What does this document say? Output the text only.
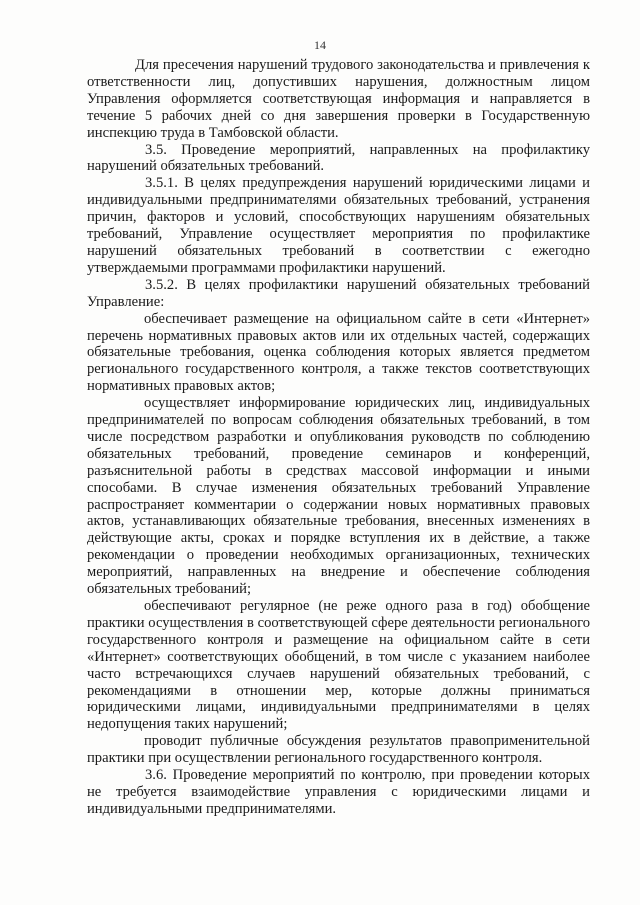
14

Для пресечения нарушений трудового законодательства и привлечения к ответственности лиц, допустивших нарушения, должностным лицом Управления оформляется соответствующая информация и направляется в течение 5 рабочих дней со дня завершения проверки в Государственную инспекцию труда в Тамбовской области.

3.5. Проведение мероприятий, направленных на профилактику нарушений обязательных требований.

3.5.1. В целях предупреждения нарушений юридическими лицами и индивидуальными предпринимателями обязательных требований, устранения причин, факторов и условий, способствующих нарушениям обязательных требований, Управление осуществляет мероприятия по профилактике нарушений обязательных требований в соответствии с ежегодно утверждаемыми программами профилактики нарушений.

3.5.2. В целях профилактики нарушений обязательных требований Управление:

обеспечивает размещение на официальном сайте в сети «Интернет» перечень нормативных правовых актов или их отдельных частей, содержащих обязательные требования, оценка соблюдения которых является предметом регионального государственного контроля, а также текстов соответствующих нормативных правовых актов;

осуществляет информирование юридических лиц, индивидуальных предпринимателей по вопросам соблюдения обязательных требований, в том числе посредством разработки и опубликования руководств по соблюдению обязательных требований, проведение семинаров и конференций, разъяснительной работы в средствах массовой информации и иными способами. В случае изменения обязательных требований Управление распространяет комментарии о содержании новых нормативных правовых актов, устанавливающих обязательные требования, внесенных изменениях в действующие акты, сроках и порядке вступления их в действие, а также рекомендации о проведении необходимых организационных, технических мероприятий, направленных на внедрение и обеспечение соблюдения обязательных требований;

обеспечивают регулярное (не реже одного раза в год) обобщение практики осуществления в соответствующей сфере деятельности регионального государственного контроля и размещение на официальном сайте в сети «Интернет» соответствующих обобщений, в том числе с указанием наиболее часто встречающихся случаев нарушений обязательных требований, с рекомендациями в отношении мер, которые должны приниматься юридическими лицами, индивидуальными предпринимателями в целях недопущения таких нарушений;

проводит публичные обсуждения результатов правоприменительной практики при осуществлении регионального государственного контроля.

3.6. Проведение мероприятий по контролю, при проведении которых не требуется взаимодействие управления с юридическими лицами и индивидуальными предпринимателями.
